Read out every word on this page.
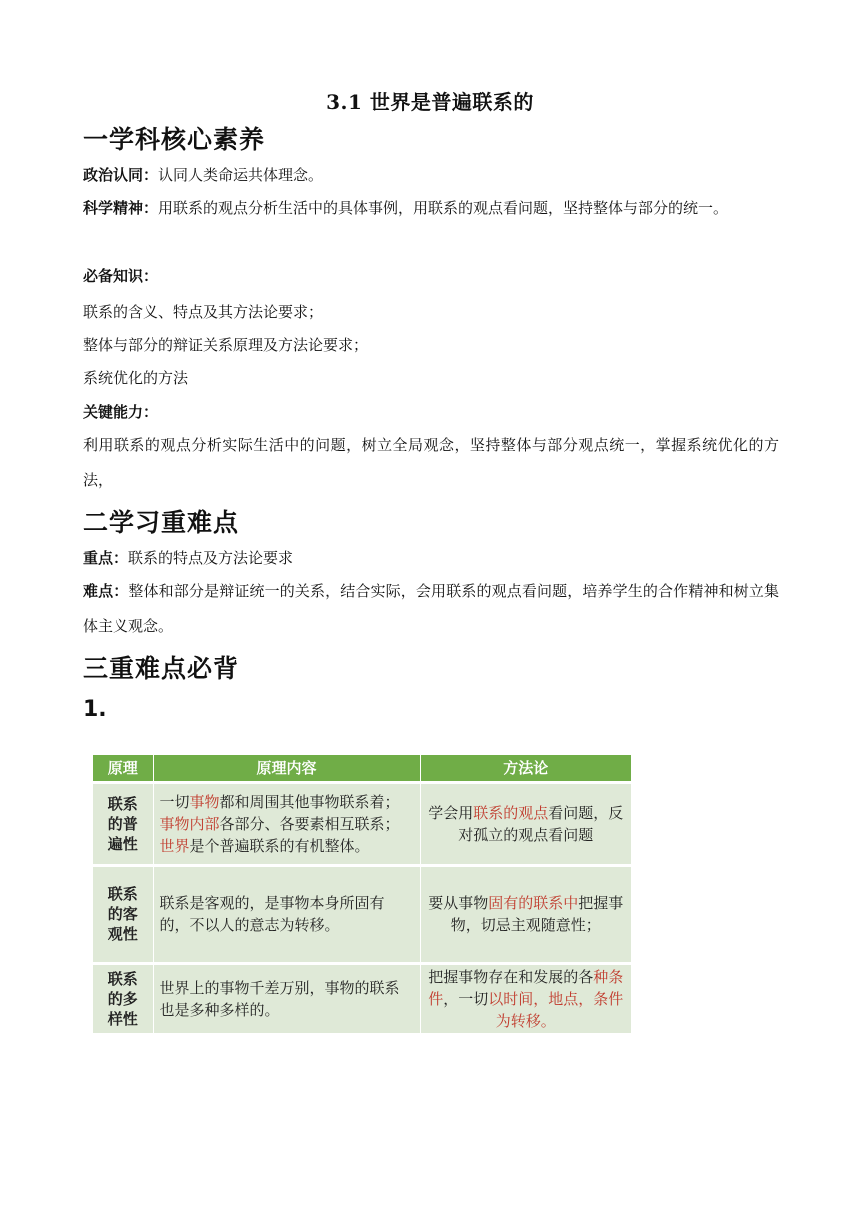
3.1 世界是普遍联系的
一学科核心素养
政治认同：认同人类命运共体理念。
科学精神：用联系的观点分析生活中的具体事例，用联系的观点看问题，坚持整体与部分的统一。
必备知识：
联系的含义、特点及其方法论要求；
整体与部分的辩证关系原理及方法论要求；
系统优化的方法
关键能力：
利用联系的观点分析实际生活中的问题，树立全局观念，坚持整体与部分观点统一，掌握系统优化的方法，
二学习重难点
重点：联系的特点及方法论要求
难点：整体和部分是辩证统一的关系，结合实际，会用联系的观点看问题，培养学生的合作精神和树立集体主义观念。
三重难点必背
1.
原理	原理内容	方法论
联系
的普
遍性	一切事物都和周围其他事物联系着；事物内部各部分、各要素相互联系；世界是个普遍联系的有机整体。	学会用联系的观点看问题，反对孤立的观点看问题
联系
的客
观性	联系是客观的，是事物本身所固有的，不以人的意志为转移。	要从事物固有的联系中把握事物，切忌主观随意性；
联系
的多
样性	世界上的事物千差万别，事物的联系也是多种多样的。	把握事物存在和发展的各种条件，一切以时间，地点，条件为转移。
